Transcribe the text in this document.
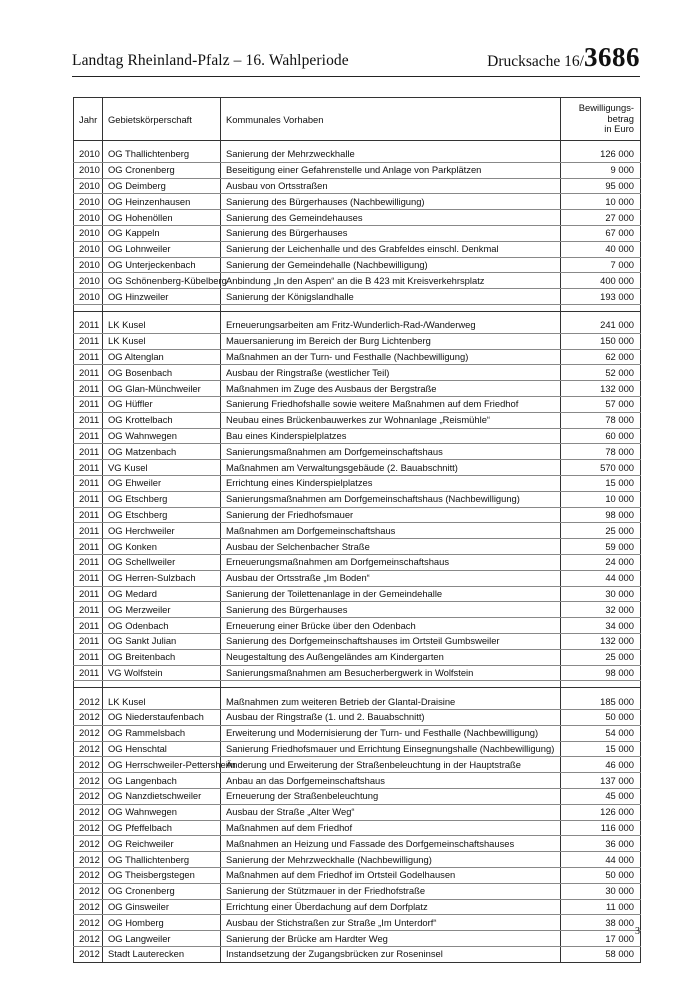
Landtag Rheinland-Pfalz – 16. Wahlperiode	Drucksache 16/3686
Jahr	Gebietskörperschaft	Kommunales Vorhaben	Bewilligungs-
betrag
in Euro

2010	OG Thallichtenberg	Sanierung der Mehrzweckhalle	126 000
2010	OG Cronenberg	Beseitigung einer Gefahrenstelle und Anlage von Parkplätzen	9 000
2010	OG Deimberg	Ausbau von Ortsstraßen	95 000
2010	OG Heinzenhausen	Sanierung des Bürgerhauses (Nachbewilligung)	10 000
2010	OG Hohenöllen	Sanierung des Gemeindehauses	27 000
2010	OG Kappeln	Sanierung des Bürgerhauses	67 000
2010	OG Lohnweiler	Sanierung der Leichenhalle und des Grabfeldes einschl. Denkmal	40 000
2010	OG Unterjeckenbach	Sanierung der Gemeindehalle (Nachbewilligung)	7 000
2010	OG Schönenberg-Kübelberg	Anbindung „In den Aspen“ an die B 423 mit Kreisverkehrsplatz	400 000
2010	OG Hinzweiler	Sanierung der Königslandhalle	193 000

2011	LK Kusel	Erneuerungsarbeiten am Fritz-Wunderlich-Rad-/Wanderweg	241 000
2011	LK Kusel	Mauersanierung im Bereich der Burg Lichtenberg	150 000
2011	OG Altenglan	Maßnahmen an der Turn- und Festhalle (Nachbewilligung)	62 000
2011	OG Bosenbach	Ausbau der Ringstraße (westlicher Teil)	52 000
2011	OG Glan-Münchweiler	Maßnahmen im Zuge des Ausbaus der Bergstraße	132 000
2011	OG Hüffler	Sanierung Friedhofshalle sowie weitere Maßnahmen auf dem Friedhof	57 000
2011	OG Krottelbach	Neubau eines Brückenbauwerkes zur Wohnanlage „Reismühle“	78 000
2011	OG Wahnwegen	Bau eines Kinderspielplatzes	60 000
2011	OG Matzenbach	Sanierungsmaßnahmen am Dorfgemeinschaftshaus	78 000
2011	VG Kusel	Maßnahmen am Verwaltungsgebäude (2. Bauabschnitt)	570 000
2011	OG Ehweiler	Errichtung eines Kinderspielplatzes	15 000
2011	OG Etschberg	Sanierungsmaßnahmen am Dorfgemeinschaftshaus (Nachbewilligung)	10 000
2011	OG Etschberg	Sanierung der Friedhofsmauer	98 000
2011	OG Herchweiler	Maßnahmen am Dorfgemeinschaftshaus	25 000
2011	OG Konken	Ausbau der Selchenbacher Straße	59 000
2011	OG Schellweiler	Erneuerungsmaßnahmen am Dorfgemeinschaftshaus	24 000
2011	OG Herren-Sulzbach	Ausbau der Ortsstraße „Im Boden“	44 000
2011	OG Medard	Sanierung der Toilettenanlage in der Gemeindehalle	30 000
2011	OG Merzweiler	Sanierung des Bürgerhauses	32 000
2011	OG Odenbach	Erneuerung einer Brücke über den Odenbach	34 000
2011	OG Sankt Julian	Sanierung des Dorfgemeinschaftshauses im Ortsteil Gumbsweiler	132 000
2011	OG Breitenbach	Neugestaltung des Außengeländes am Kindergarten	25 000
2011	VG Wolfstein	Sanierungsmaßnahmen am Besucherbergwerk in Wolfstein	98 000

2012	LK Kusel	Maßnahmen zum weiteren Betrieb der Glantal-Draisine	185 000
2012	OG Niederstaufenbach	Ausbau der Ringstraße (1. und 2. Bauabschnitt)	50 000
2012	OG Rammelsbach	Erweiterung und Modernisierung der Turn- und Festhalle (Nachbewilligung)	54 000
2012	OG Henschtal	Sanierung Friedhofsmauer und Errichtung Einsegnungshalle (Nachbewilligung)	15 000
2012	OG Herrschweiler-Pettersheim	Änderung und Erweiterung der Straßenbeleuchtung in der Hauptstraße	46 000
2012	OG Langenbach	Anbau an das Dorfgemeinschaftshaus	137 000
2012	OG Nanzdietschweiler	Erneuerung der Straßenbeleuchtung	45 000
2012	OG Wahnwegen	Ausbau der Straße „Alter Weg“	126 000
2012	OG Pfeffelbach	Maßnahmen auf dem Friedhof	116 000
2012	OG Reichweiler	Maßnahmen an Heizung und Fassade des Dorfgemeinschaftshauses	36 000
2012	OG Thallichtenberg	Sanierung der Mehrzweckhalle (Nachbewilligung)	44 000
2012	OG Theisbergstegen	Maßnahmen auf dem Friedhof im Ortsteil Godelhausen	50 000
2012	OG Cronenberg	Sanierung der Stützmauer in der Friedhofstraße	30 000
2012	OG Ginsweiler	Errichtung einer Überdachung auf dem Dorfplatz	11 000
2012	OG Homberg	Ausbau der Stichstraßen zur Straße „Im Unterdorf“	38 000
2012	OG Langweiler	Sanierung der Brücke am Hardter Weg	17 000
2012	Stadt Lauterecken	Instandsetzung der Zugangsbrücken zur Roseninsel	58 000
3
